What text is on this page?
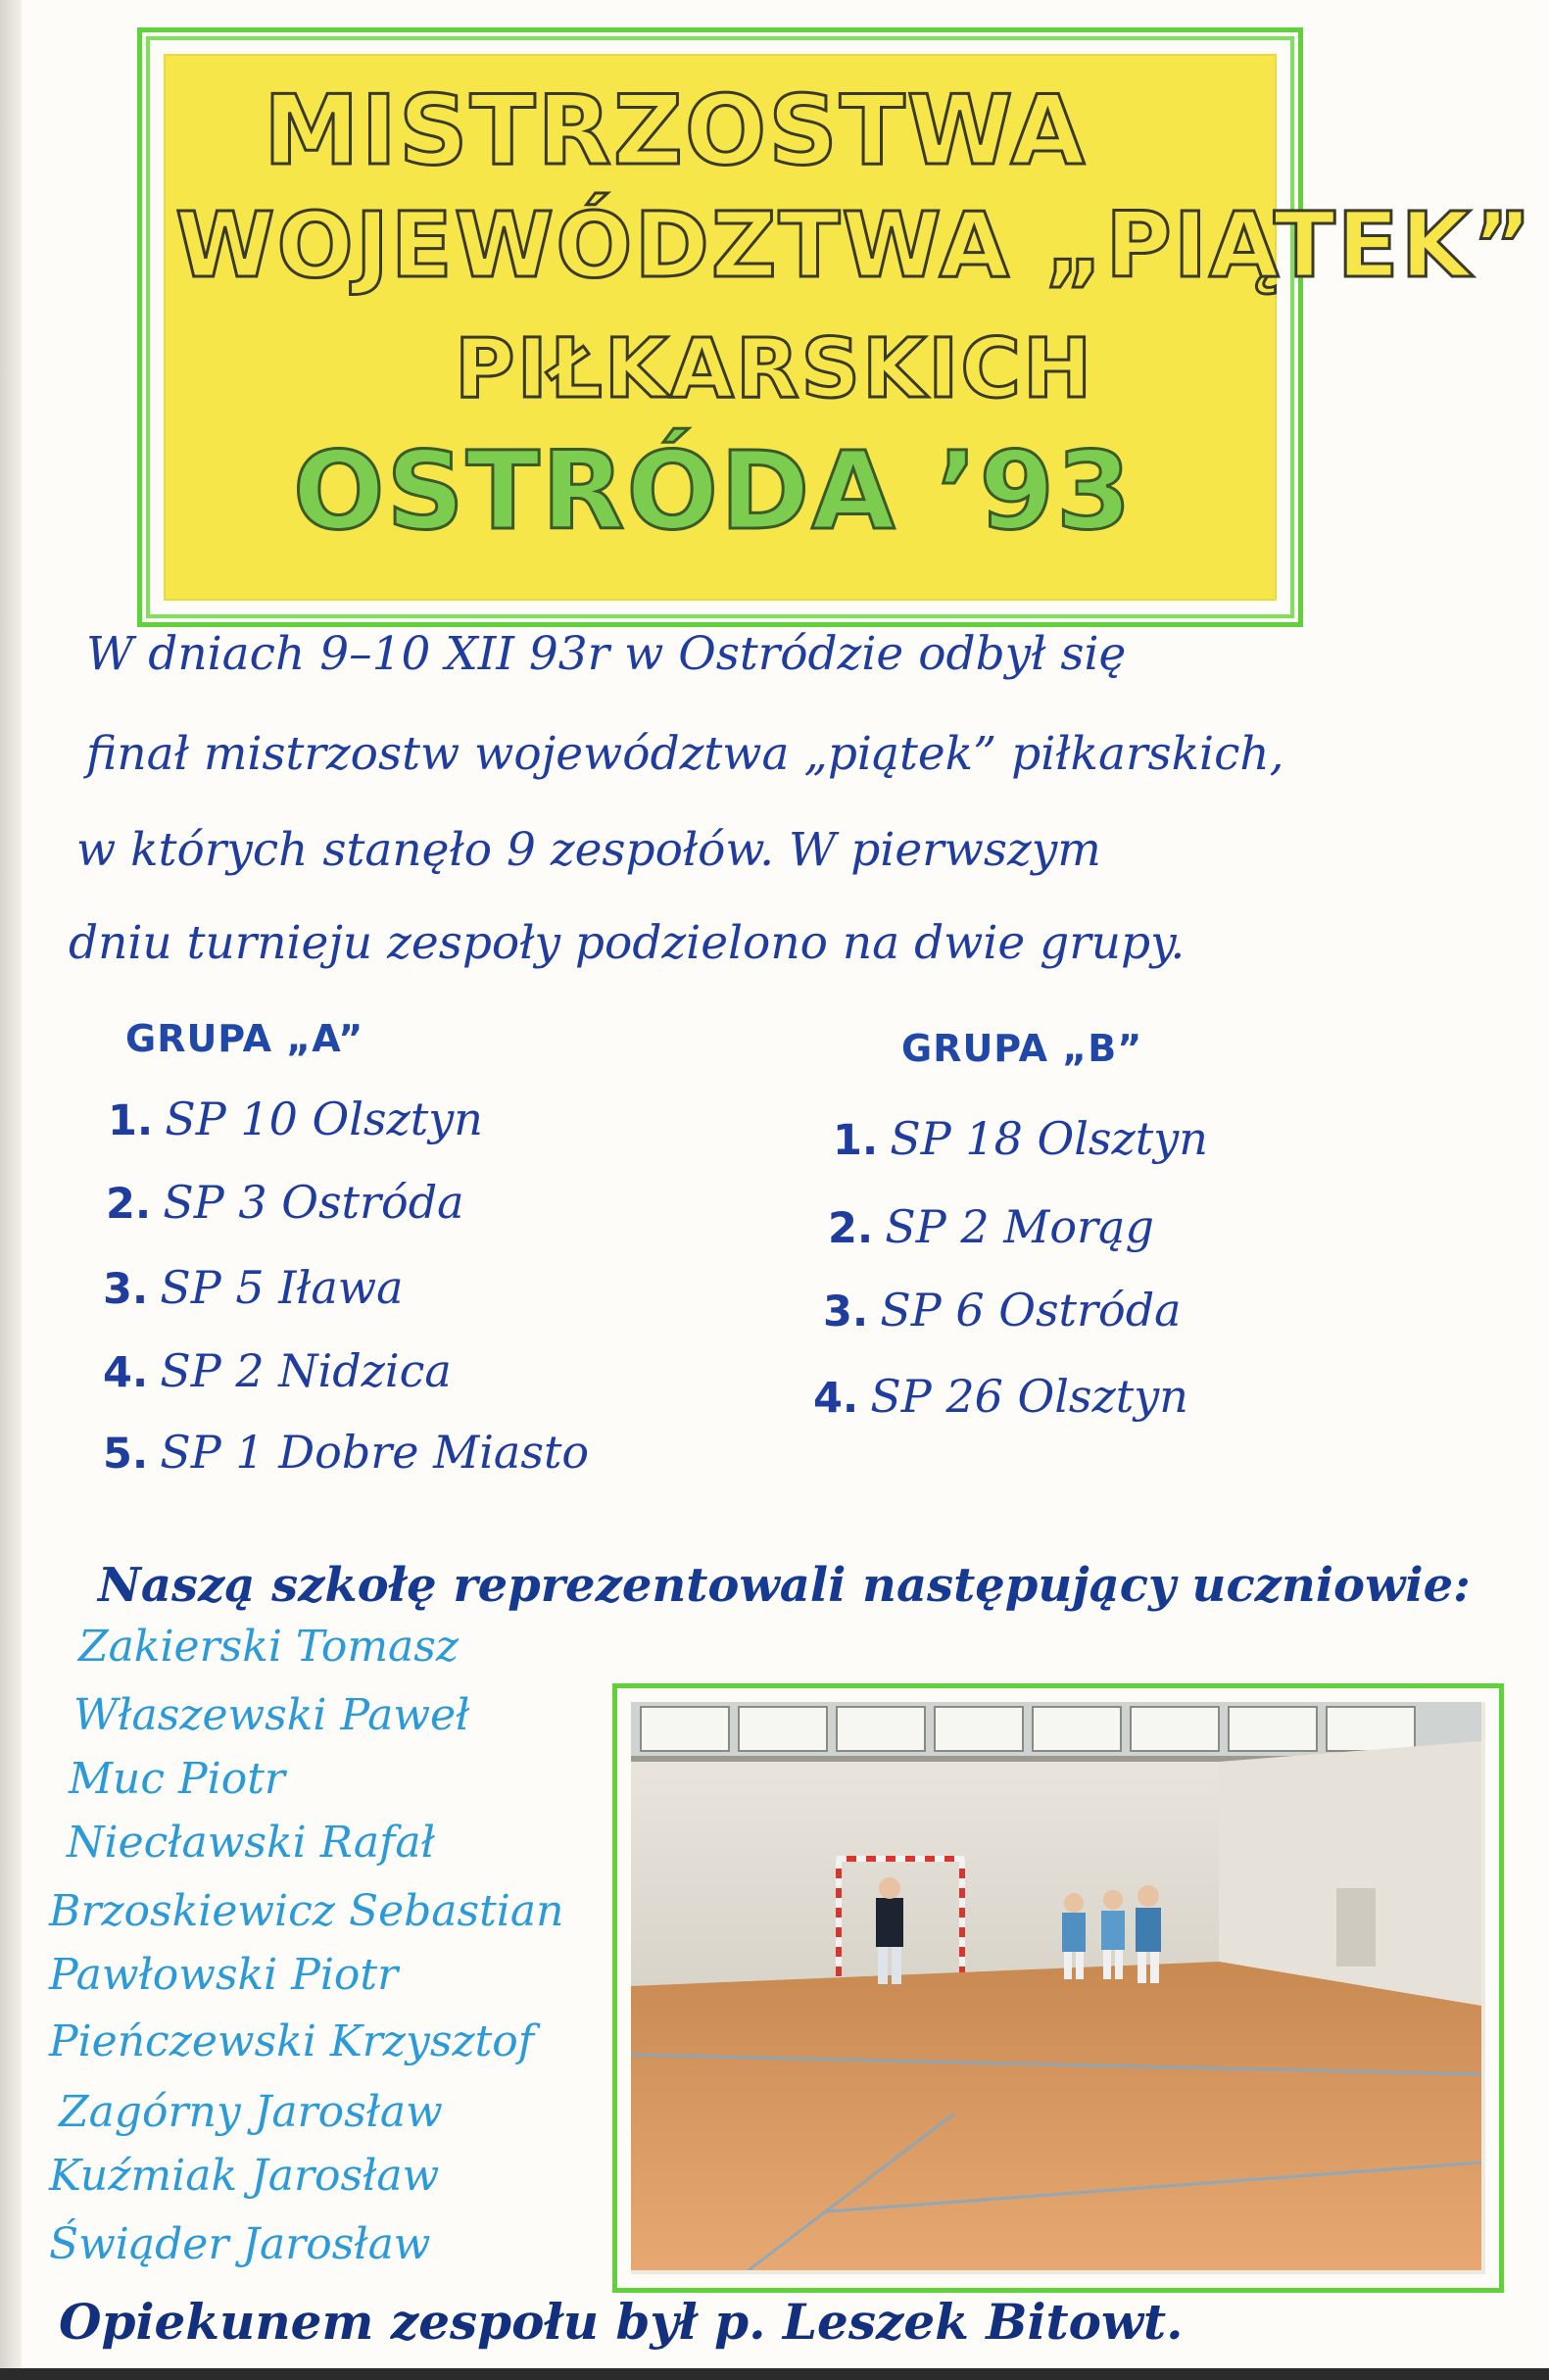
MISTRZOSTWA
WOJEWÓDZTWA „PIĄTEK”
PIŁKARSKICH
OSTRÓDA ’93
W dniach 9–10 XII 93r w Ostródzie odbył się
finał mistrzostw województwa „piątek” piłkarskich,
w których stanęło 9 zespołów. W pierwszym
dniu turnieju zespoły podzielono na dwie grupy.
GRUPA „A”	GRUPA „B”
1. SP 10 Olsztyn
2. SP 3 Ostróda
3. SP 5 Iława
4. SP 2 Nidzica
5. SP 1 Dobre Miasto
1. SP 18 Olsztyn
2. SP 2 Morąg
3. SP 6 Ostróda
4. SP 26 Olsztyn
Naszą szkołę reprezentowali następujący uczniowie:
Zakierski Tomasz
Właszewski Paweł
Muc Piotr
Niecławski Rafał
Brzoskiewicz Sebastian
Pawłowski Piotr
Pieńczewski Krzysztof
Zagórny Jarosław
Kuźmiak Jarosław
Świąder Jarosław
Opiekunem zespołu był p. Leszek Bitowt.
